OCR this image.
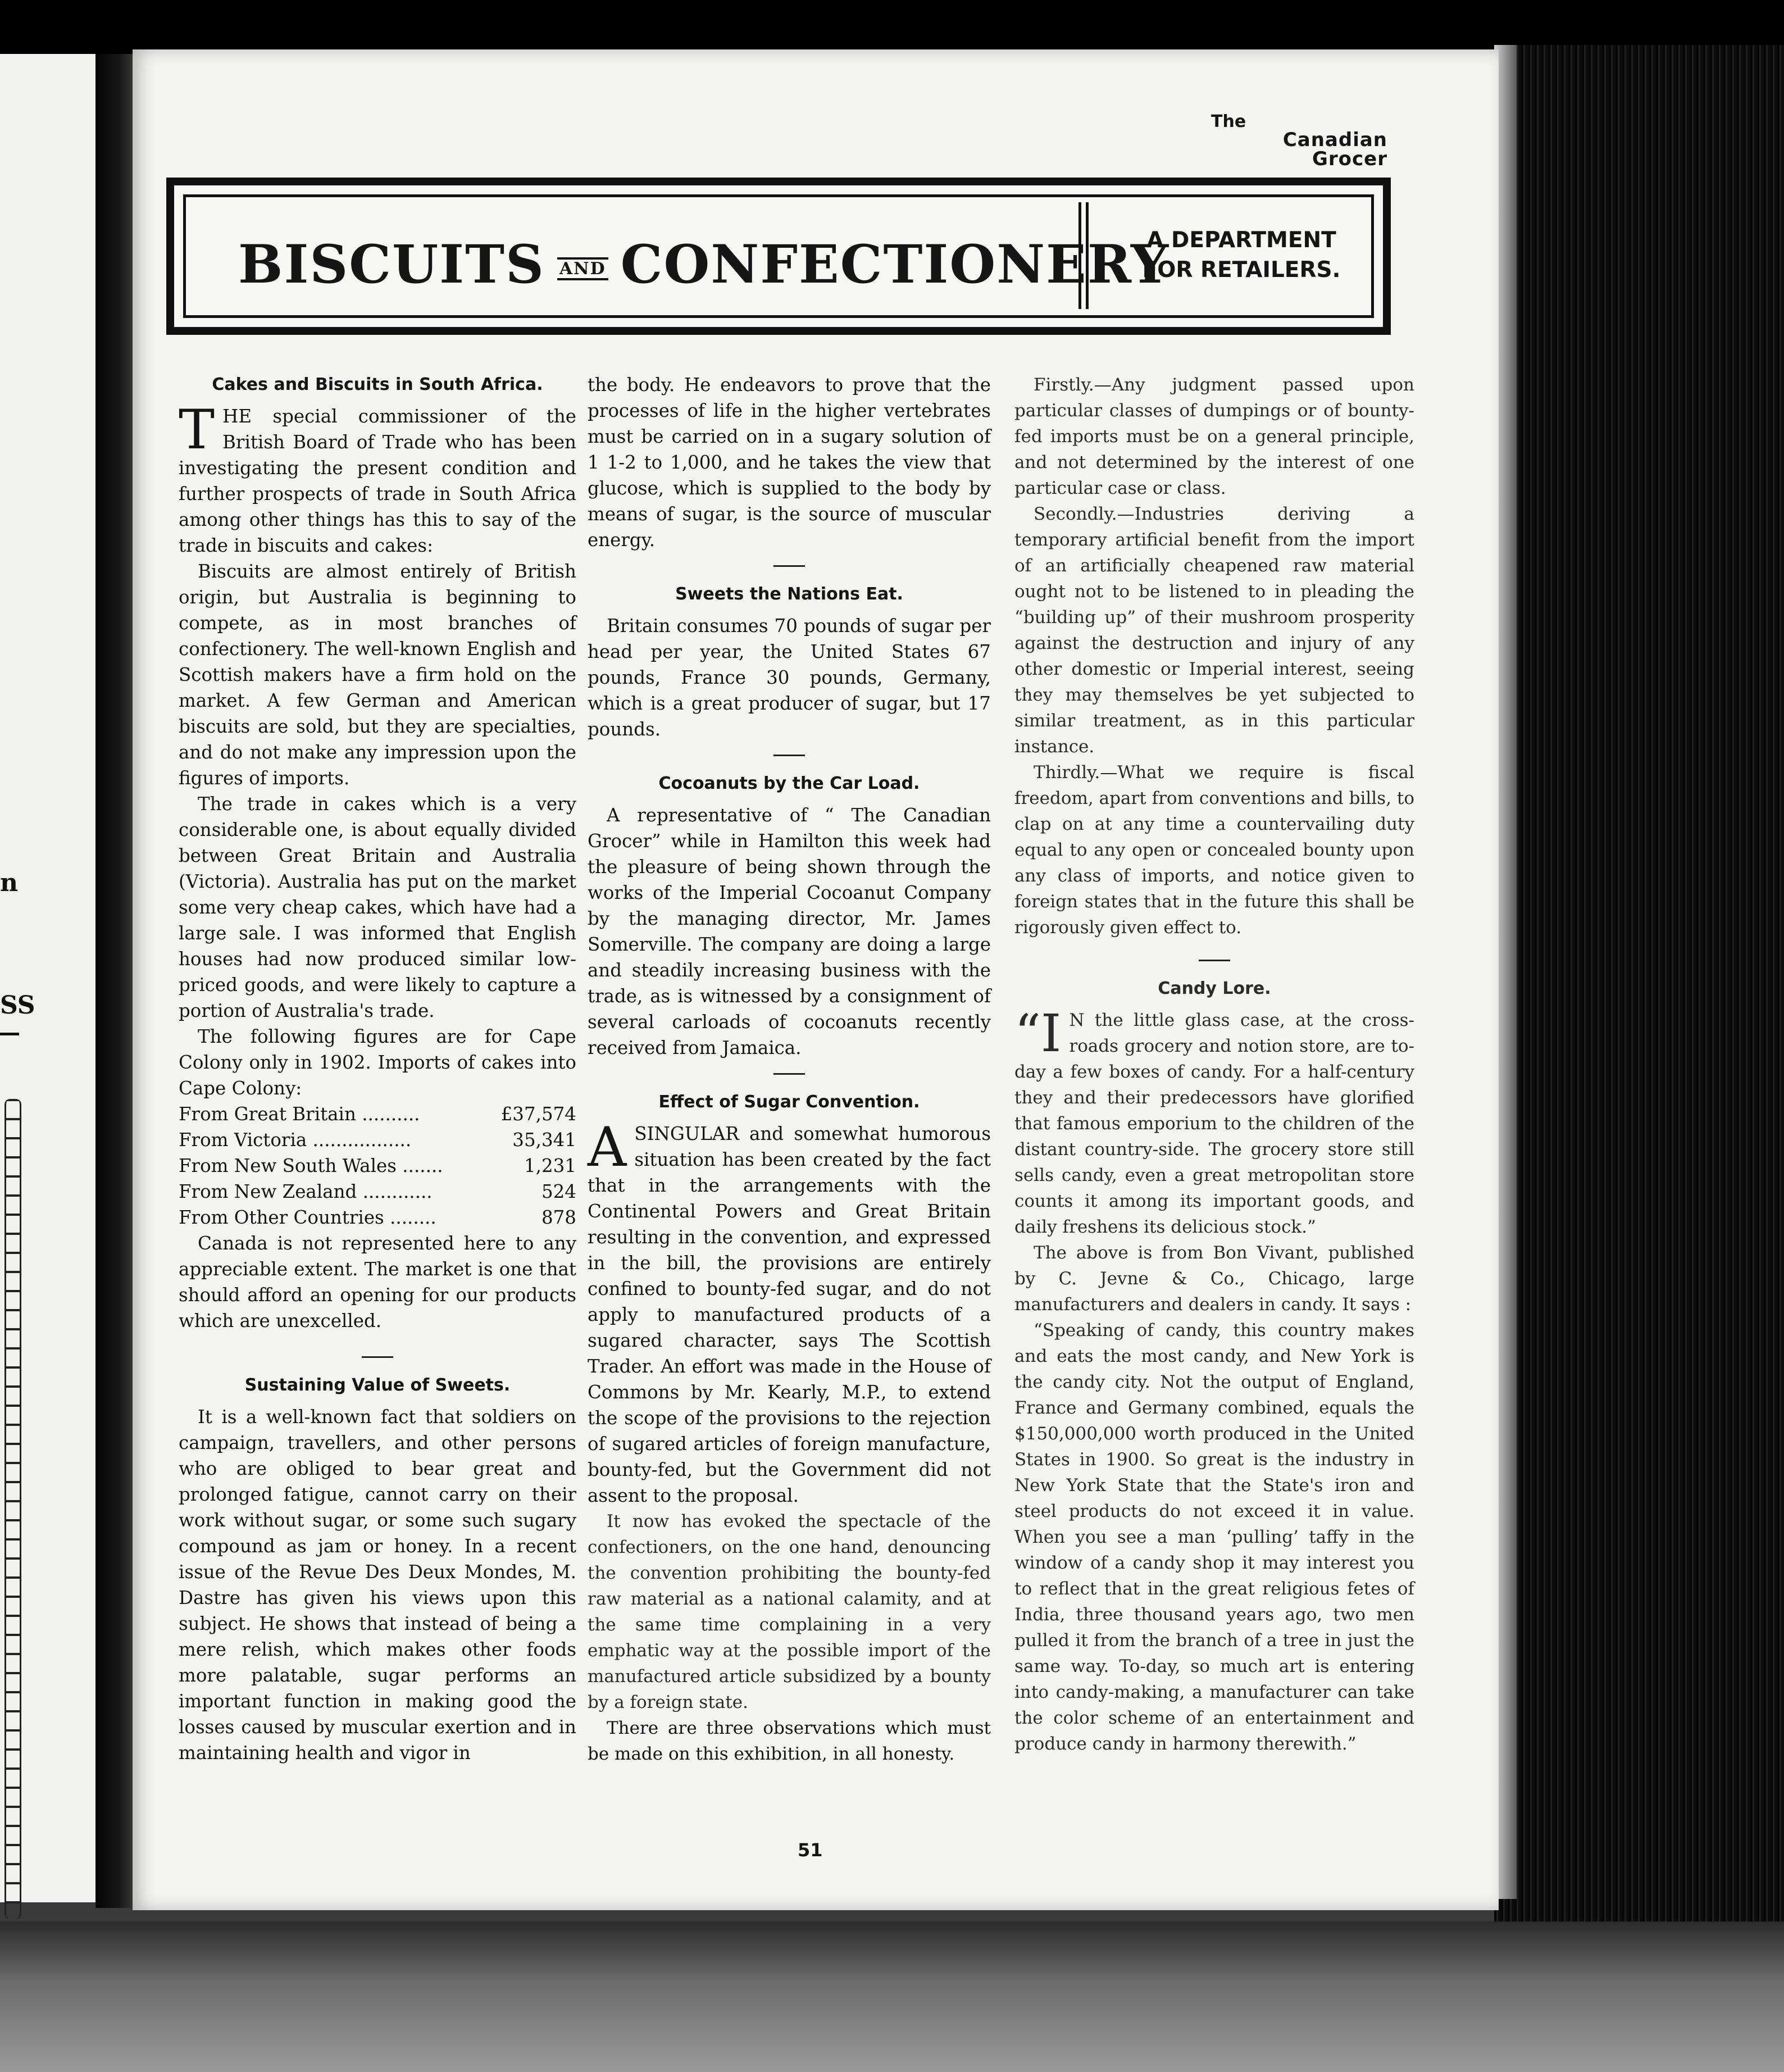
n
SS
The
Canadian Grocer
BISCUITS AND CONFECTIONERY
A DEPARTMENT
FOR RETAILERS.
Cakes and Biscuits in South Africa.

THE special commissioner of the British Board of Trade who has been investigating the present condition and further prospects of trade in South Africa among other things has this to say of the trade in biscuits and cakes:

Biscuits are almost entirely of British origin, but Australia is beginning to compete, as in most branches of confectionery. The well-known English and Scottish makers have a firm hold on the market. A few German and American biscuits are sold, but they are specialties, and do not make any impression upon the figures of imports.

The trade in cakes which is a very considerable one, is about equally divided between Great Britain and Australia (Victoria). Australia has put on the market some very cheap cakes, which have had a large sale. I was informed that English houses had now produced similar low-priced goods, and were likely to capture a portion of Australia's trade.

The following figures are for Cape Colony only in 1902. Imports of cakes into Cape Colony:

From Great Britain ..........	£37,574
From Victoria .................	35,341
From New South Wales .......	1,231
From New Zealand ............	524
From Other Countries ........	878

Canada is not represented here to any appreciable extent. The market is one that should afford an opening for our products which are unexcelled.

Sustaining Value of Sweets.

It is a well-known fact that soldiers on campaign, travellers, and other persons who are obliged to bear great and prolonged fatigue, cannot carry on their work without sugar, or some such sugary compound as jam or honey. In a recent issue of the Revue Des Deux Mondes, M. Dastre has given his views upon this subject. He shows that instead of being a mere relish, which makes other foods more palatable, sugar performs an important function in making good the losses caused by muscular exertion and in maintaining health and vigor in

the body. He endeavors to prove that the processes of life in the higher vertebrates must be carried on in a sugary solution of 1 1-2 to 1,000, and he takes the view that glucose, which is supplied to the body by means of sugar, is the source of muscular energy.

Sweets the Nations Eat.

Britain consumes 70 pounds of sugar per head per year, the United States 67 pounds, France 30 pounds, Germany, which is a great producer of sugar, but 17 pounds.

Cocoanuts by the Car Load.

A representative of “ The Canadian Grocer” while in Hamilton this week had the pleasure of being shown through the works of the Imperial Cocoanut Company by the managing director, Mr. James Somerville. The company are doing a large and steadily increasing business with the trade, as is witnessed by a consignment of several carloads of cocoanuts recently received from Jamaica.

Effect of Sugar Convention.

ASINGULAR and somewhat humorous situation has been created by the fact that in the arrangements with the Continental Powers and Great Britain resulting in the convention, and expressed in the bill, the provisions are entirely confined to bounty-fed sugar, and do not apply to manufactured products of a sugared character, says The Scottish Trader. An effort was made in the House of Commons by Mr. Kearly, M.P., to extend the scope of the provisions to the rejection of sugared articles of foreign manufacture, bounty-fed, but the Government did not assent to the proposal.

It now has evoked the spectacle of the confectioners, on the one hand, denouncing the convention prohibiting the bounty-fed raw material as a national calamity, and at the same time complaining in a very emphatic way at the possible import of the manufactured article subsidized by a bounty by a foreign state.

There are three observations which must be made on this exhibition, in all honesty.

Firstly.—Any judgment passed upon particular classes of dumpings or of bounty-fed imports must be on a general principle, and not determined by the interest of one particular case or class.

Secondly.—Industries deriving a temporary artificial benefit from the import of an artificially cheapened raw material ought not to be listened to in pleading the “building up” of their mushroom prosperity against the destruction and injury of any other domestic or Imperial interest, seeing they may themselves be yet subjected to similar treatment, as in this particular instance.

Thirdly.—What we require is fiscal freedom, apart from conventions and bills, to clap on at any time a countervailing duty equal to any open or concealed bounty upon any class of imports, and notice given to foreign states that in the future this shall be rigorously given effect to.

Candy Lore.

“I N the little glass case, at the cross-roads grocery and notion store, are to-day a few boxes of candy. For a half-century they and their predecessors have glorified that famous emporium to the children of the distant country-side. The grocery store still sells candy, even a great metropolitan store counts it among its important goods, and daily freshens its delicious stock.”

The above is from Bon Vivant, published by C. Jevne & Co., Chicago, large manufacturers and dealers in candy. It says :

“Speaking of candy, this country makes and eats the most candy, and New York is the candy city. Not the output of England, France and Germany combined, equals the $150,000,000 worth produced in the United States in 1900. So great is the industry in New York State that the State's iron and steel products do not exceed it in value. When you see a man ‘pulling’ taffy in the window of a candy shop it may interest you to reflect that in the great religious fetes of India, three thousand years ago, two men pulled it from the branch of a tree in just the same way. To-day, so much art is entering into candy-making, a manufacturer can take the color scheme of an entertainment and produce candy in harmony therewith.”

51
